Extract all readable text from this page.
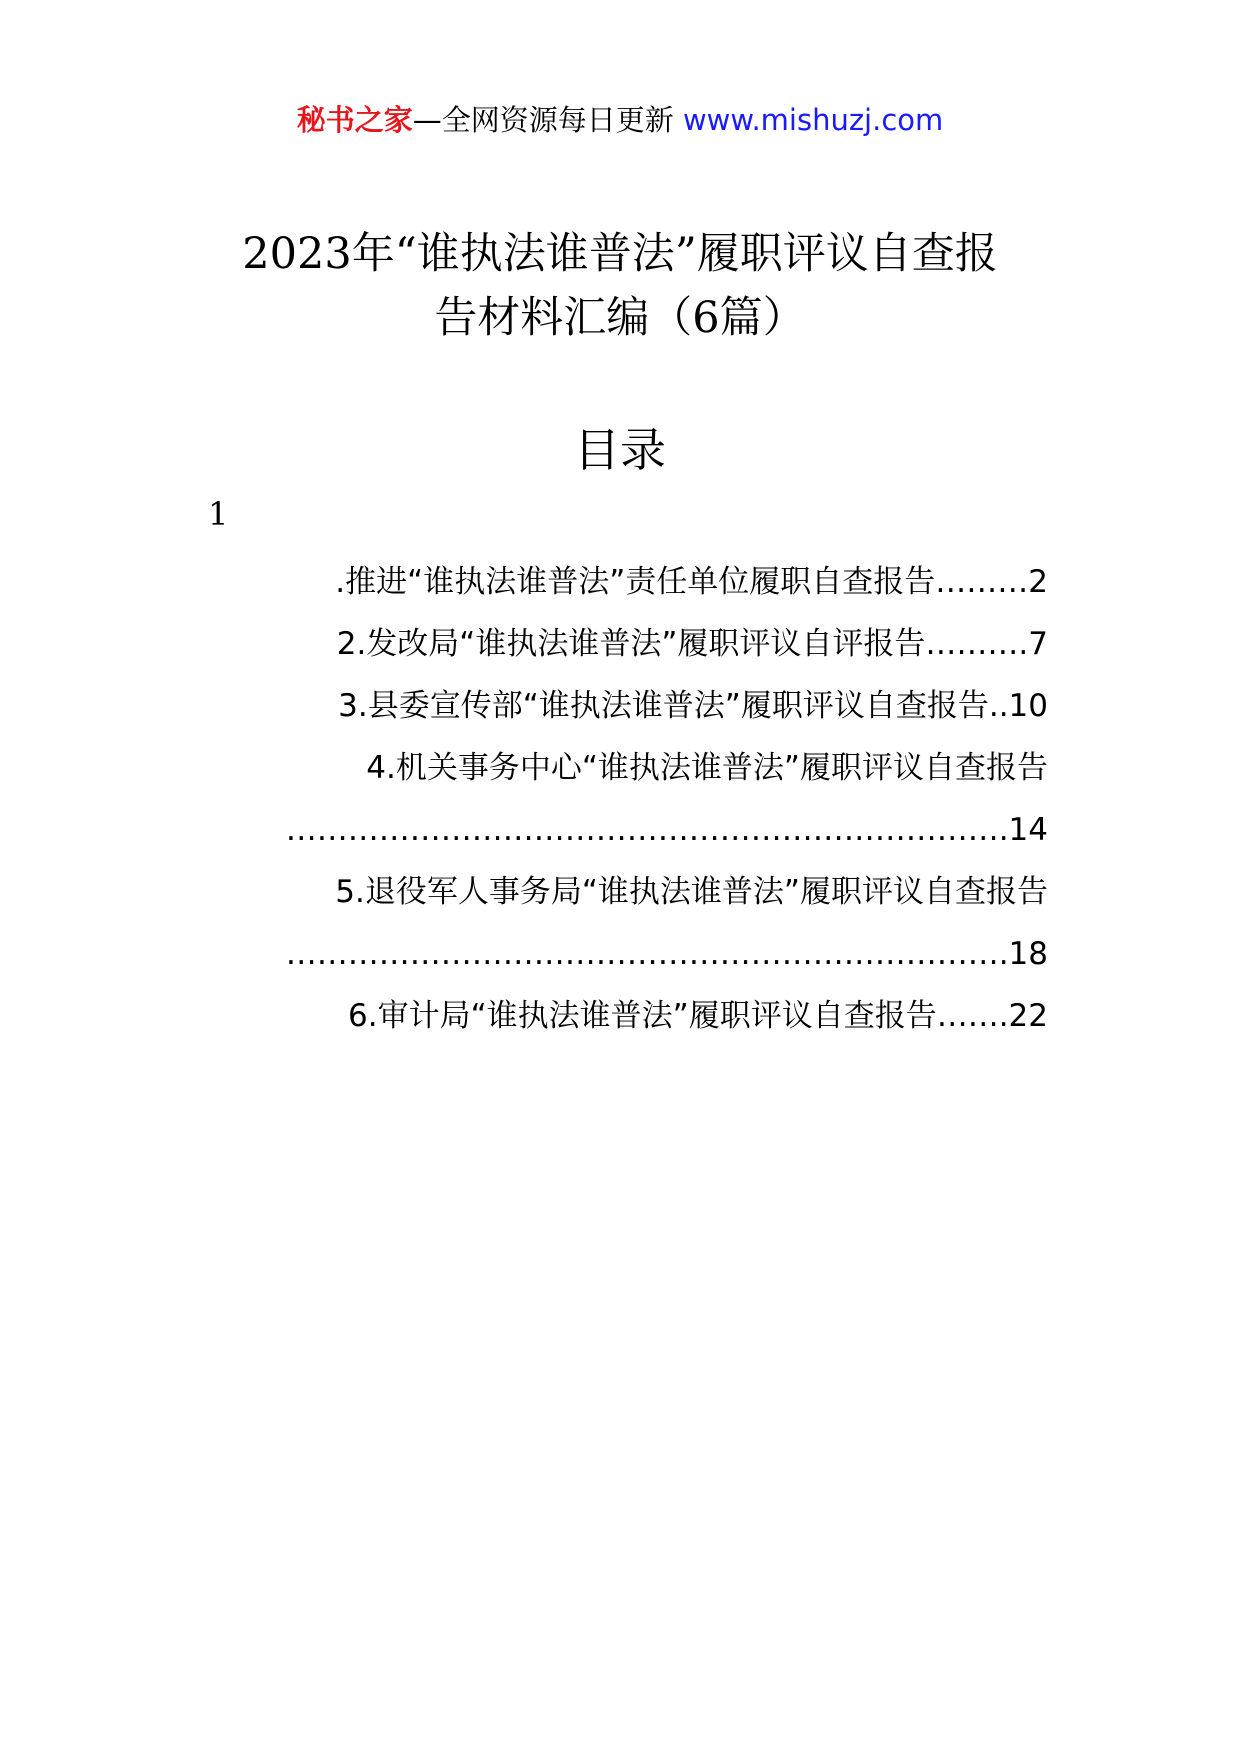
秘书之家—全网资源每日更新 www.mishuzj.com
2023年“谁执法谁普法”履职评议自查报
告材料汇编（6篇）
目录
1
.推进“谁执法谁普法”责任单位履职自查报告………2
2.发改局“谁执法谁普法”履职评议自评报告……….7
3.县委宣传部“谁执法谁普法”履职评议自查报告..10
4.机关事务中心“谁执法谁普法”履职评议自查报告
…………………………………………………………….14
5.退役军人事务局“谁执法谁普法”履职评议自查报告
…………………………………………………………….18
6.审计局“谁执法谁普法”履职评议自查报告…….22
